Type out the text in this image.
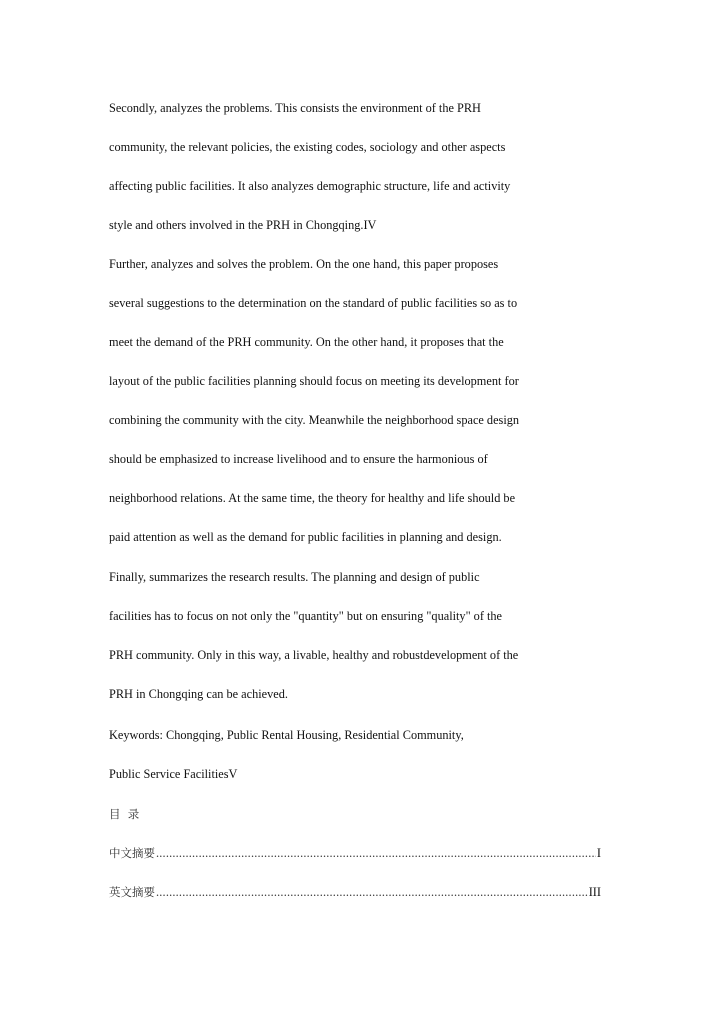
Secondly, analyzes the problems. This consists the environment of the PRH
community, the relevant policies, the existing codes, sociology and other aspects
affecting public facilities. It also analyzes demographic structure, life and activity
style and others involved in the PRH in Chongqing.IV
Further, analyzes and solves the problem. On the one hand, this paper proposes
several suggestions to the determination on the standard of public facilities so as to
meet the demand of the PRH community. On the other hand, it proposes that the
layout of the public facilities planning should focus on meeting its development for
combining the community with the city. Meanwhile the neighborhood space design
should be emphasized to increase livelihood and to ensure the harmonious of
neighborhood relations. At the same time, the theory for healthy and life should be
paid attention as well as the demand for public facilities in planning and design.
Finally, summarizes the research results. The planning and design of public
facilities has to focus on not only the "quantity" but on ensuring "quality" of the
PRH community. Only in this way, a livable, healthy and robustdevelopment of the
PRH in Chongqing can be achieved.
Keywords: Chongqing, Public Rental Housing, Residential Community,
Public Service FacilitiesV
目  录
中文摘要 .....	I
英文摘要 .....	III
